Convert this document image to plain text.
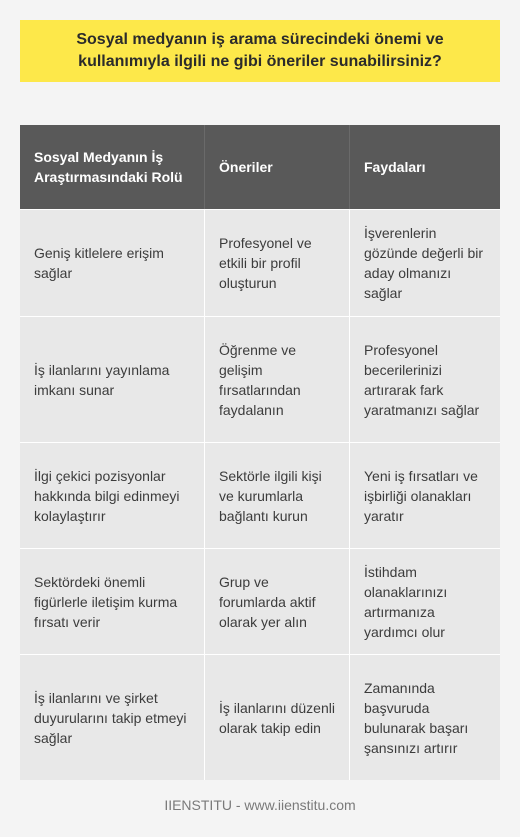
Sosyal medyanın iş arama sürecindeki önemi ve kullanımıyla ilgili ne gibi öneriler sunabilirsiniz?
Sosyal Medyanın İş Araştırmasındaki Rolü
Öneriler	Faydaları
Geniş kitlelere erişim sağlar
Profesyonel ve etkili bir profil oluşturun
İşverenlerin gözünde değerli bir aday olmanızı sağlar
İş ilanlarını yayınlama imkanı sunar
Öğrenme ve gelişim fırsatlarından faydalanın
Profesyonel becerilerinizi artırarak fark yaratmanızı sağlar
İlgi çekici pozisyonlar hakkında bilgi edinmeyi kolaylaştırır
Sektörle ilgili kişi ve kurumlarla bağlantı kurun
Yeni iş fırsatları ve işbirliği olanakları yaratır
Sektördeki önemli figürlerle iletişim kurma fırsatı verir
Grup ve forumlarda aktif olarak yer alın
İstihdam olanaklarınızı artırmanıza yardımcı olur
İş ilanlarını ve şirket duyurularını takip etmeyi sağlar
İş ilanlarını düzenli olarak takip edin
Zamanında başvuruda bulunarak başarı şansınızı artırır
IIENSTITU - www.iienstitu.com
